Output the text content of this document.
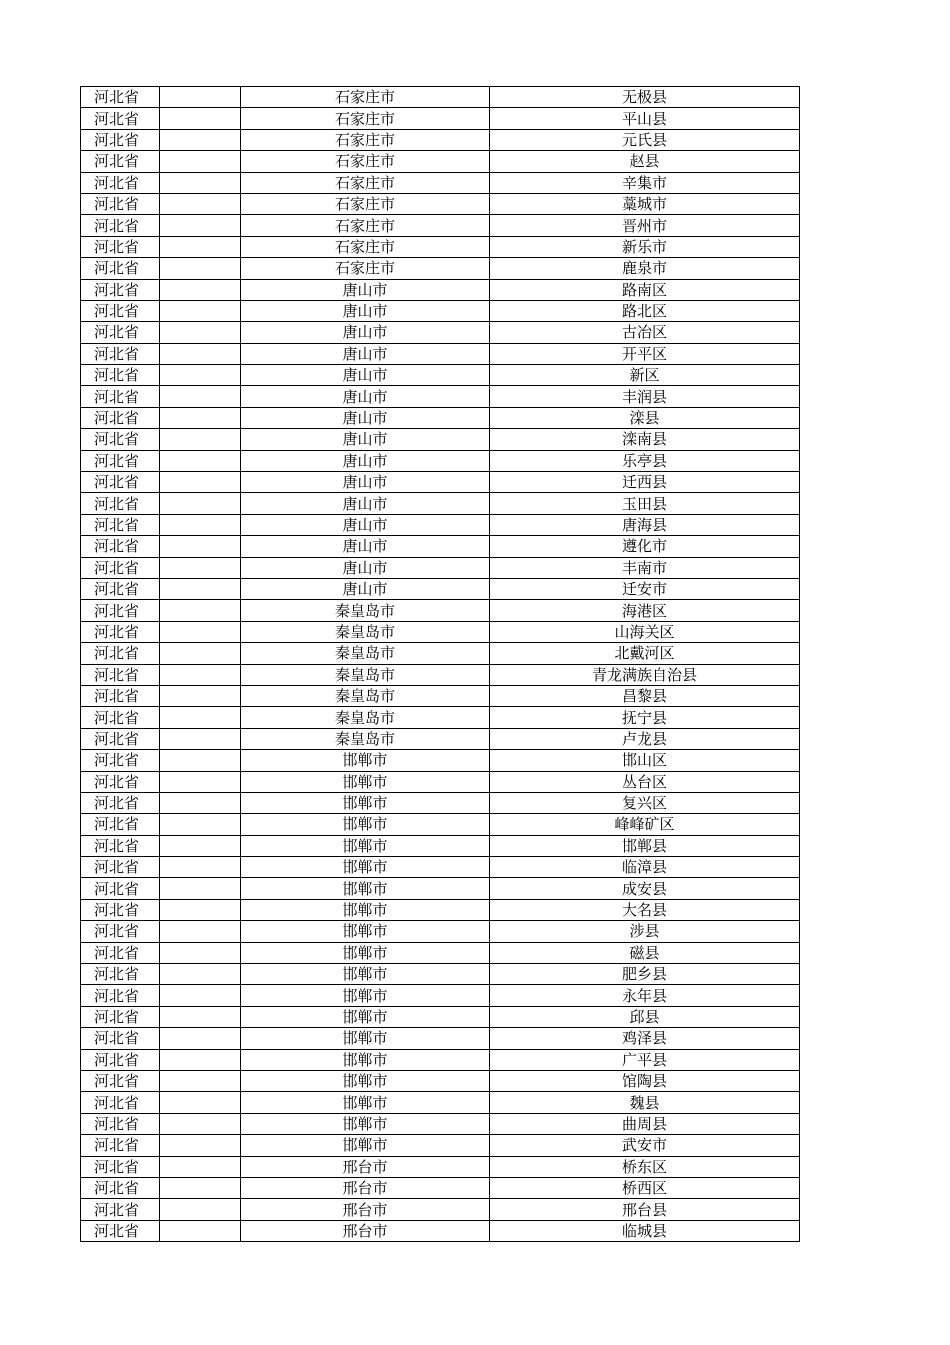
河北省		石家庄市	无极县
河北省		石家庄市	平山县
河北省		石家庄市	元氏县
河北省		石家庄市	赵县
河北省		石家庄市	辛集市
河北省		石家庄市	藁城市
河北省		石家庄市	晋州市
河北省		石家庄市	新乐市
河北省		石家庄市	鹿泉市
河北省		唐山市	路南区
河北省		唐山市	路北区
河北省		唐山市	古冶区
河北省		唐山市	开平区
河北省		唐山市	新区
河北省		唐山市	丰润县
河北省		唐山市	滦县
河北省		唐山市	滦南县
河北省		唐山市	乐亭县
河北省		唐山市	迁西县
河北省		唐山市	玉田县
河北省		唐山市	唐海县
河北省		唐山市	遵化市
河北省		唐山市	丰南市
河北省		唐山市	迁安市
河北省		秦皇岛市	海港区
河北省		秦皇岛市	山海关区
河北省		秦皇岛市	北戴河区
河北省		秦皇岛市	青龙满族自治县
河北省		秦皇岛市	昌黎县
河北省		秦皇岛市	抚宁县
河北省		秦皇岛市	卢龙县
河北省		邯郸市	邯山区
河北省		邯郸市	丛台区
河北省		邯郸市	复兴区
河北省		邯郸市	峰峰矿区
河北省		邯郸市	邯郸县
河北省		邯郸市	临漳县
河北省		邯郸市	成安县
河北省		邯郸市	大名县
河北省		邯郸市	涉县
河北省		邯郸市	磁县
河北省		邯郸市	肥乡县
河北省		邯郸市	永年县
河北省		邯郸市	邱县
河北省		邯郸市	鸡泽县
河北省		邯郸市	广平县
河北省		邯郸市	馆陶县
河北省		邯郸市	魏县
河北省		邯郸市	曲周县
河北省		邯郸市	武安市
河北省		邢台市	桥东区
河北省		邢台市	桥西区
河北省		邢台市	邢台县
河北省		邢台市	临城县
